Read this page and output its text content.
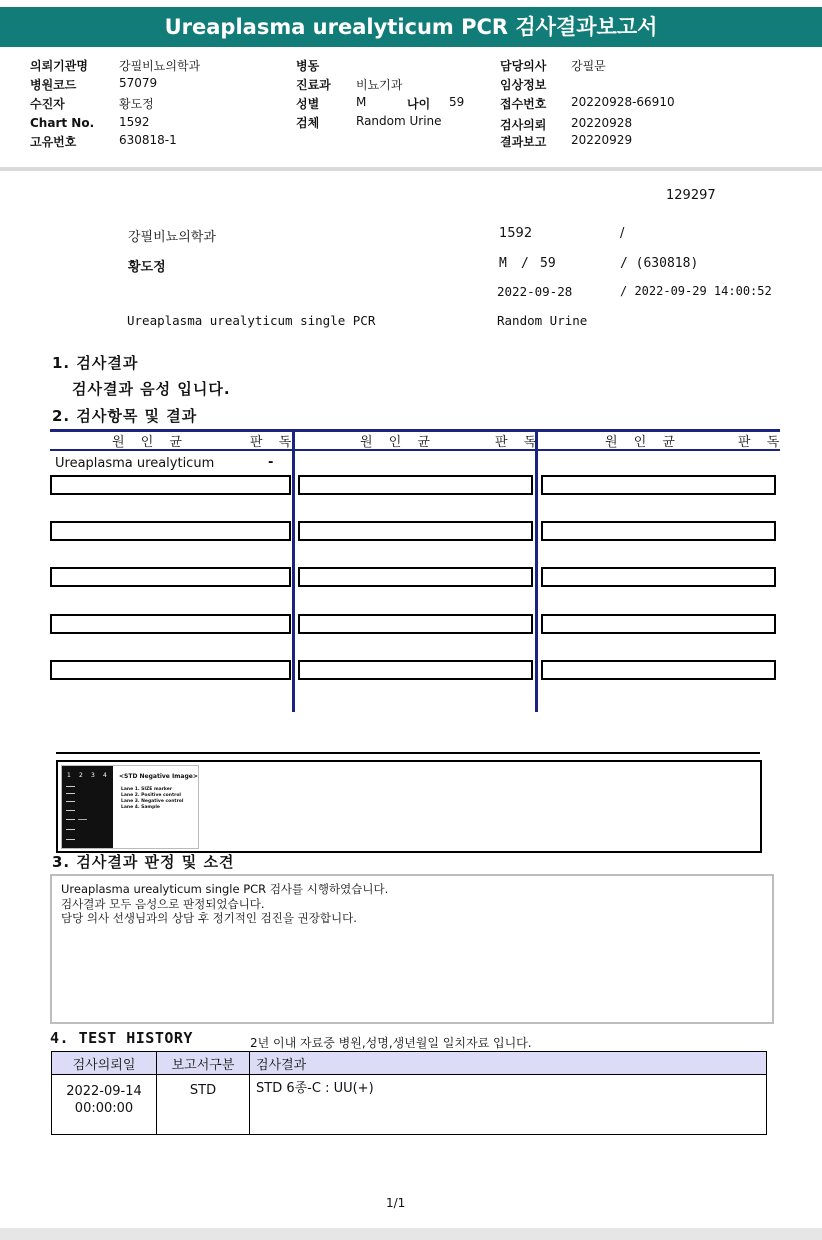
Ureaplasma urealyticum PCR 검사결과보고서
의뢰기관명	강필비뇨의학과
병원코드	57079
수진자	황도정
Chart No. 1592
고유번호	630818-1
병동
진료과 비뇨기과
성별	M	나이 59
검체	Random Urine
담당의사 강필문
임상정보
접수번호 20220928-66910
검사의뢰 20220928
결과보고 20220929
129297
강필비뇨의학과	1592	/
황도정	M / 59	/ (630818)
2022-09-28	/ 2022-09-29 14:00:52
Ureaplasma urealyticum single PCR	Random Urine
1. 검사결과
검사결과 음성 입니다.
2. 검사항목 및 결과
원 인 균	판 독	원 인 균	판 독	원 인 균	판 독
Ureaplasma urealyticum	-
1 2 3 4 <STD Negative Image>
Lane 1. SIZE marker
Lane 2. Positive control
Lane 3. Negative control
Lane 4. Sample
3. 검사결과 판정 및 소견
Ureaplasma urealyticum single PCR 검사를 시행하였습니다.
검사결과 모두 음성으로 판정되었습니다.
담당 의사 선생님과의 상담 후 정기적인 검진을 권장합니다.
4. TEST HISTORY	2년 이내 자료중 병원,성명,생년월일 일치자료 입니다.
검사의뢰일	보고서구분	검사결과

2022-09-14
00:00:00	STD	STD 6종-C : UU(+)
1/1
